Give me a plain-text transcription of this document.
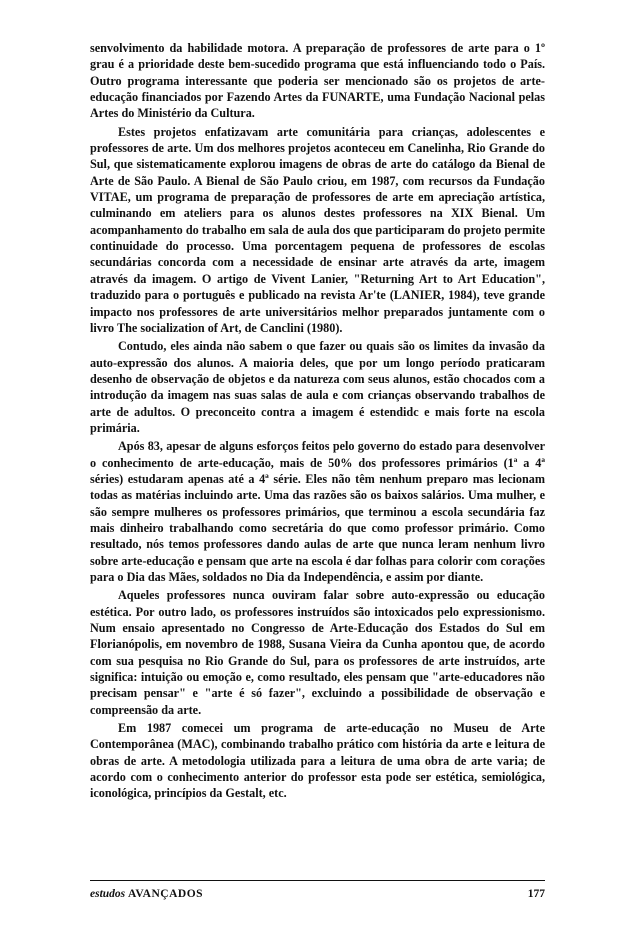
senvolvimento da habilidade motora. A preparação de professores de arte para o 1º grau é a prioridade deste bem-sucedido programa que está influenciando todo o País. Outro programa interessante que poderia ser mencionado são os projetos de arte-educação financiados por Fazendo Artes da FUNARTE, uma Fundação Nacional pelas Artes do Ministério da Cultura.

Estes projetos enfatizavam arte comunitária para crianças, adolescentes e professores de arte. Um dos melhores projetos aconteceu em Canelinha, Rio Grande do Sul, que sistematicamente explorou imagens de obras de arte do catálogo da Bienal de Arte de São Paulo. A Bienal de São Paulo criou, em 1987, com recursos da Fundação VITAE, um programa de preparação de professores de arte em apreciação artística, culminando em ateliers para os alunos destes professores na XIX Bienal. Um acompanhamento do trabalho em sala de aula dos que participaram do projeto permite continuidade do processo. Uma porcentagem pequena de professores de escolas secundárias concorda com a necessidade de ensinar arte através da arte, imagem através da imagem. O artigo de Vivent Lanier, "Returning Art to Art Education", traduzido para o português e publicado na revista Ar'te (LANIER, 1984), teve grande impacto nos professores de arte universitários melhor preparados juntamente com o livro The socialization of Art, de Canclini (1980).

Contudo, eles ainda não sabem o que fazer ou quais são os limites da invasão da auto-expressão dos alunos. A maioria deles, que por um longo período praticaram desenho de observação de objetos e da natureza com seus alunos, estão chocados com a introdução da imagem nas suas salas de aula e com crianças observando trabalhos de arte de adultos. O preconceito contra a imagem é estendidc e mais forte na escola primária.

Após 83, apesar de alguns esforços feitos pelo governo do estado para desenvolver o conhecimento de arte-educação, mais de 50% dos professores primários (1ª a 4ª séries) estudaram apenas até a 4ª série. Eles não têm nenhum preparo mas lecionam todas as matérias incluindo arte. Uma das razões são os baixos salários. Uma mulher, e são sempre mulheres os professores primários, que terminou a escola secundária faz mais dinheiro trabalhando como secretária do que como professor primário. Como resultado, nós temos professores dando aulas de arte que nunca leram nenhum livro sobre arte-educação e pensam que arte na escola é dar folhas para colorir com corações para o Dia das Mães, soldados no Dia da Independência, e assim por diante.

Aqueles professores nunca ouviram falar sobre auto-expressão ou educação estética. Por outro lado, os professores instruídos são intoxicados pelo expressionismo. Num ensaio apresentado no Congresso de Arte-Educação dos Estados do Sul em Florianópolis, em novembro de 1988, Susana Vieira da Cunha apontou que, de acordo com sua pesquisa no Rio Grande do Sul, para os professores de arte instruídos, arte significa: intuição ou emoção e, como resultado, eles pensam que "arte-educadores não precisam pensar" e "arte é só fazer", excluindo a possibilidade de observação e compreensão da arte.

Em 1987 comecei um programa de arte-educação no Museu de Arte Contemporânea (MAC), combinando trabalho prático com história da arte e leitura de obras de arte. A metodologia utilizada para a leitura de uma obra de arte varia; de acordo com o conhecimento anterior do professor esta pode ser estética, semiológica, iconológica, princípios da Gestalt, etc.

estudos AVANÇADOS	177
